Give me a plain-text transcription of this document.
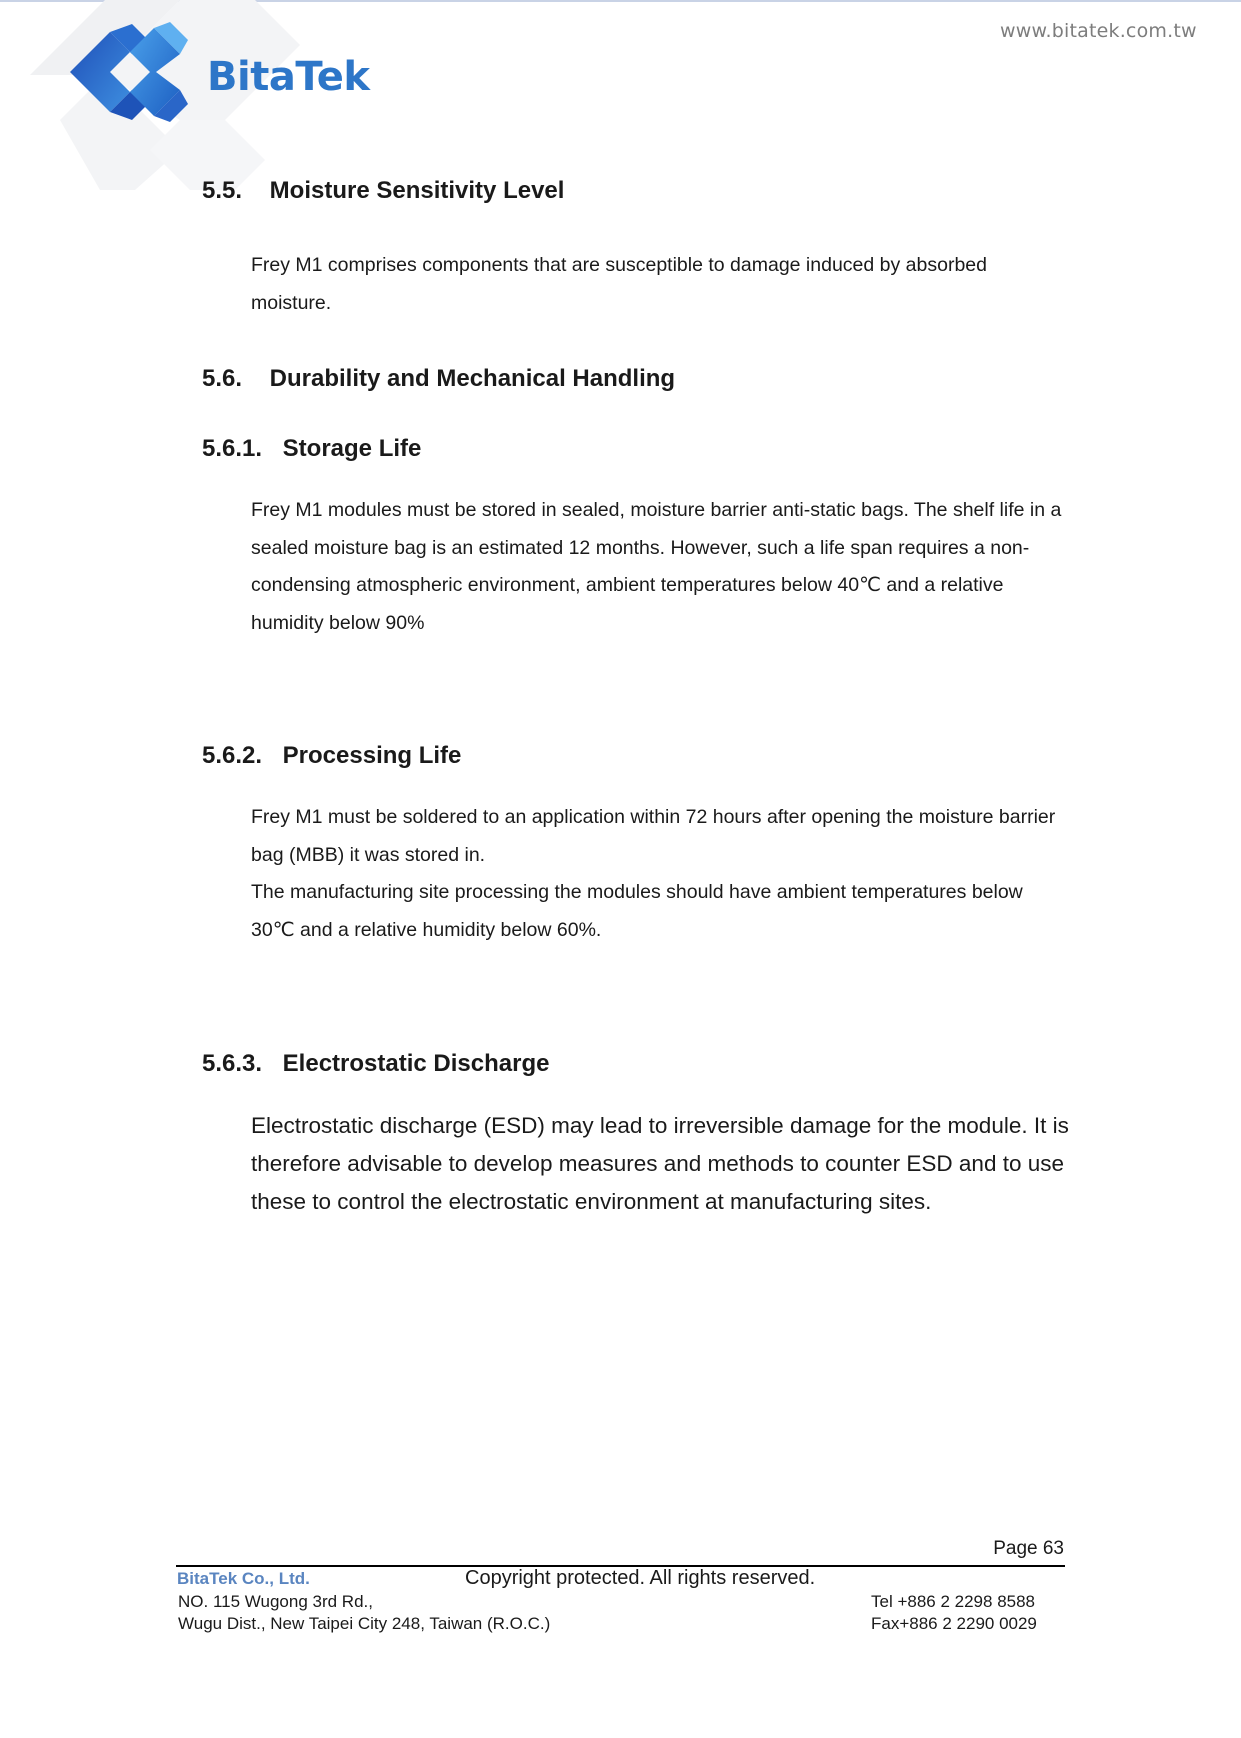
BitaTek
www.bitatek.com.tw
5.5. Moisture Sensitivity Level

Frey M1 comprises components that are susceptible to damage induced by absorbed moisture.

5.6. Durability and Mechanical Handling
5.6.1. Storage Life

Frey M1 modules must be stored in sealed, moisture barrier anti-static bags. The shelf life in a sealed moisture bag is an estimated 12 months. However, such a life span requires a non-condensing atmospheric environment, ambient temperatures below 40℃ and a relative humidity below 90%

5.6.2. Processing Life

Frey M1 must be soldered to an application within 72 hours after opening the moisture barrier bag (MBB) it was stored in.

The manufacturing site processing the modules should have ambient temperatures below 30℃ and a relative humidity below 60%.

5.6.3. Electrostatic Discharge

Electrostatic discharge (ESD) may lead to irreversible damage for the module. It is therefore advisable to develop measures and methods to counter ESD and to use these to control the electrostatic environment at manufacturing sites.

Page 63
BitaTek Co., Ltd.	Copyright protected. All rights reserved.
NO. 115 Wugong 3rd Rd.,
Wugu Dist., New Taipei City 248, Taiwan (R.O.C.)
Tel +886 2 2298 8588
Fax+886 2 2290 0029
